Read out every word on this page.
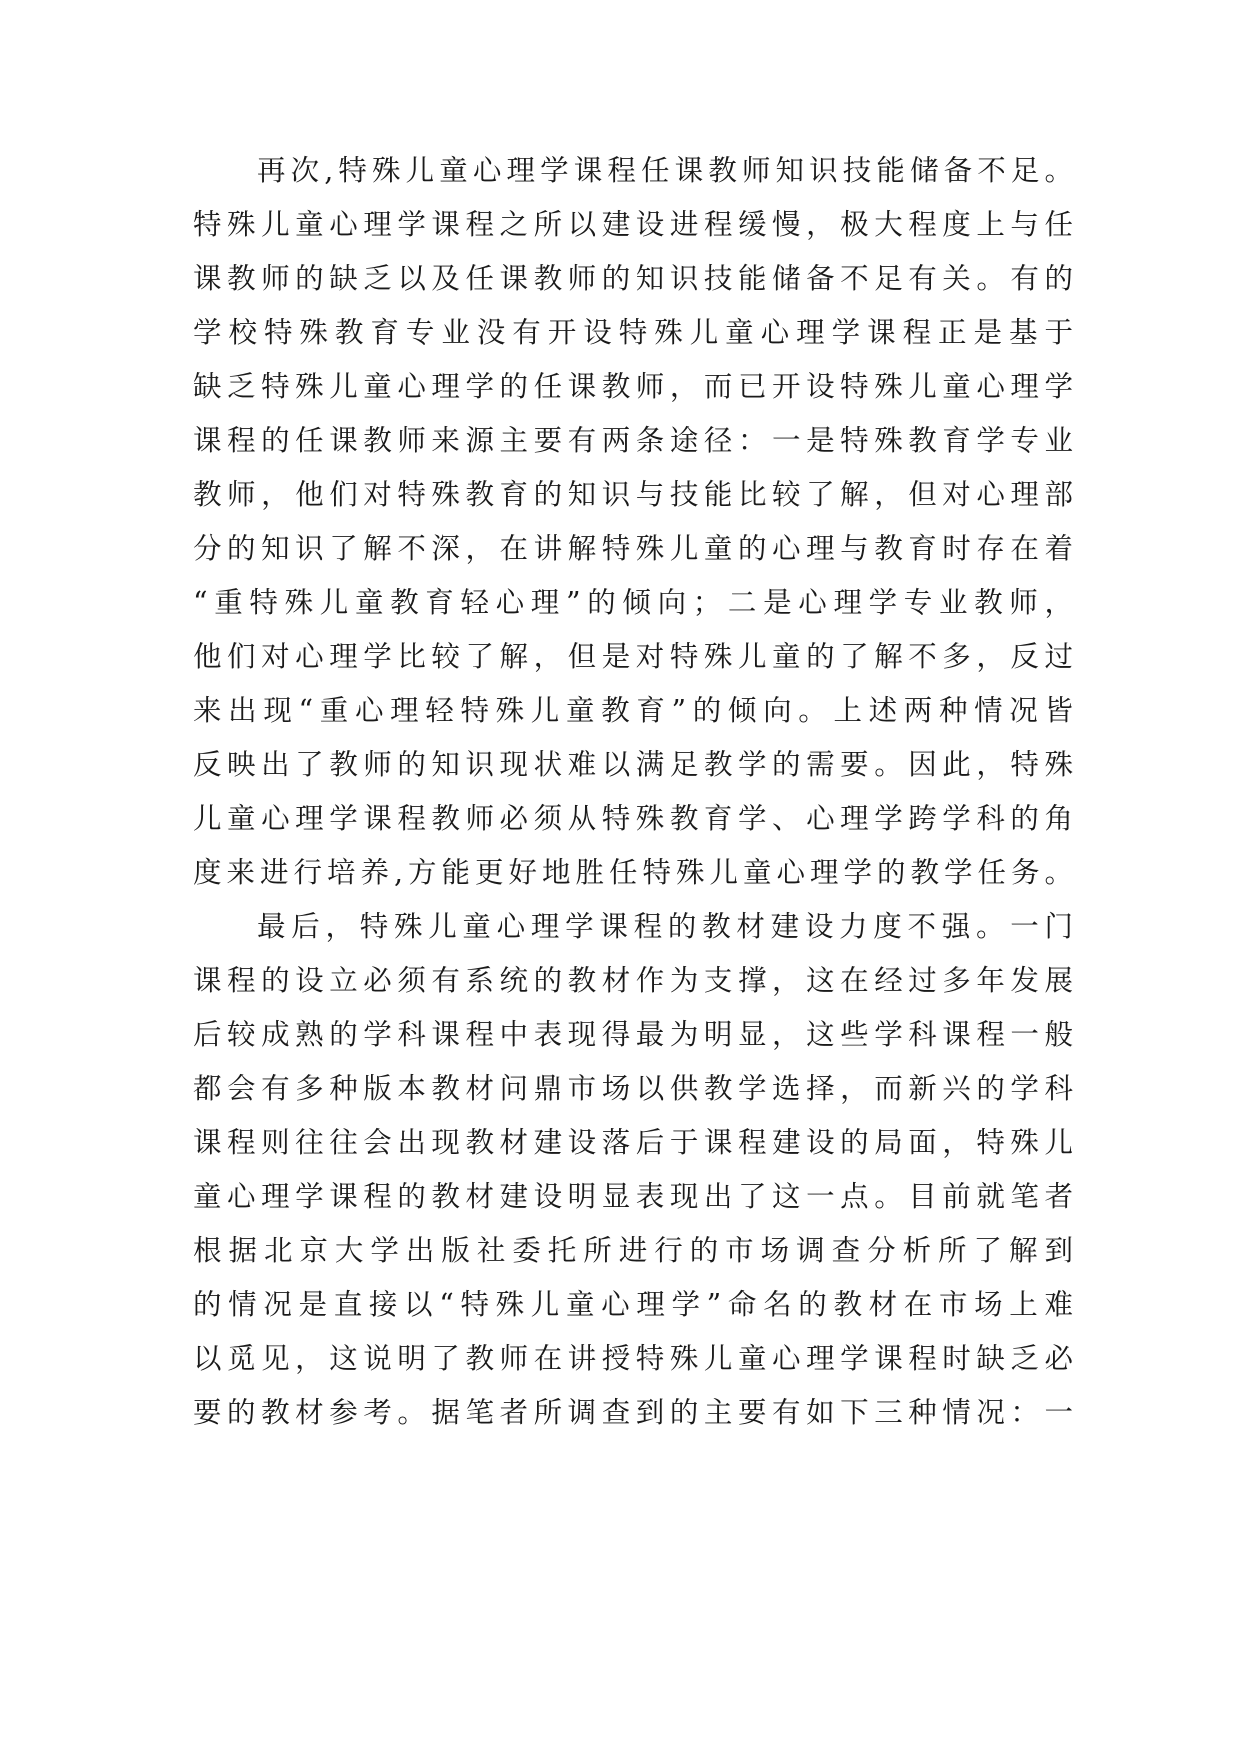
再次,特殊儿童心理学课程任课教师知识技能储备不足。
特殊儿童心理学课程之所以建设进程缓慢，极大程度上与任
课教师的缺乏以及任课教师的知识技能储备不足有关。有的
学校特殊教育专业没有开设特殊儿童心理学课程正是基于
缺乏特殊儿童心理学的任课教师，而已开设特殊儿童心理学
课程的任课教师来源主要有两条途径：一是特殊教育学专业
教师，他们对特殊教育的知识与技能比较了解，但对心理部
分的知识了解不深，在讲解特殊儿童的心理与教育时存在着
“重特殊儿童教育轻心理”的倾向；二是心理学专业教师，
他们对心理学比较了解，但是对特殊儿童的了解不多，反过
来出现“重心理轻特殊儿童教育”的倾向。上述两种情况皆
反映出了教师的知识现状难以满足教学的需要。因此，特殊
儿童心理学课程教师必须从特殊教育学、心理学跨学科的角
度来进行培养,方能更好地胜任特殊儿童心理学的教学任务。
最后，特殊儿童心理学课程的教材建设力度不强。一门
课程的设立必须有系统的教材作为支撑，这在经过多年发展
后较成熟的学科课程中表现得最为明显，这些学科课程一般
都会有多种版本教材问鼎市场以供教学选择，而新兴的学科
课程则往往会出现教材建设落后于课程建设的局面，特殊儿
童心理学课程的教材建设明显表现出了这一点。目前就笔者
根据北京大学出版社委托所进行的市场调查分析所了解到
的情况是直接以“特殊儿童心理学”命名的教材在市场上难
以觅见，这说明了教师在讲授特殊儿童心理学课程时缺乏必
要的教材参考。据笔者所调查到的主要有如下三种情况：一
